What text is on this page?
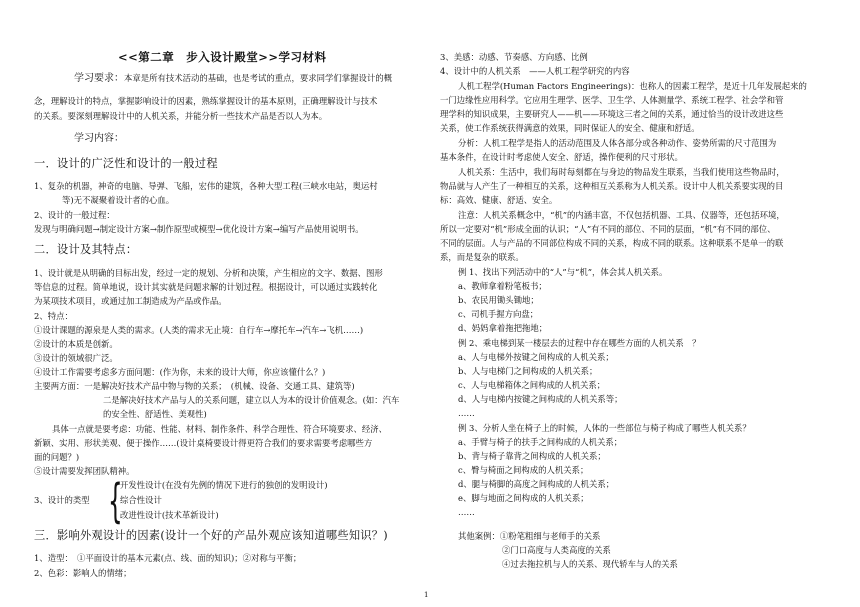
<<第二章　步入设计殿堂>>学习材料
学习要求：本章是所有技术活动的基础，也是考试的重点，要求同学们掌握设计的概
念，理解设计的特点，掌握影响设计的因素，熟练掌握设计的基本原则，正确理解设计与技术
的关系。要深刻理解设计中的人机关系，并能分析一些技术产品是否以人为本。
学习内容：
一．设计的广泛性和设计的一般过程
1、复杂的机器，神奇的电脑、导弹、飞船，宏伟的建筑，各种大型工程(三峡水电站，奥运村
等)无不凝聚着设计者的心血。
2、设计的一般过程：
发现与明确问题→制定设计方案→制作原型或模型→优化设计方案→编写产品使用说明书。
二．设计及其特点：
1、设计就是从明确的目标出发，经过一定的规划、分析和决策，产生相应的文字、数据、图形
等信息的过程。简单地说，设计其实就是问题求解的计划过程。根据设计，可以通过实践转化
为某项技术项目，或通过加工制造成为产品或作品。
2、特点：
①设计课题的源泉是人类的需求。(人类的需求无止境：自行车→摩托车→汽车→飞机……)
②设计的本质是创新。
③设计的领域很广泛。
④设计工作需要考虑多方面问题：(作为你，未来的设计大师，你应该懂什么？)
主要两方面：一是解决好技术产品中物与物的关系；　(机械、设备、交通工具、建筑等)
二是解决好技术产品与人的关系问题，建立以人为本的设计价值观念。(如：汽车
的安全性、舒适性、美观性)
具体一点就是要考虑：功能、性能、材料、制作条件、科学合理性、符合环境要求、经济、
新颖、实用、形状美观、便于操作……(设计桌椅要设计得更符合我们的要求需要考虑哪些方
面的问题？)
⑤设计需要发挥团队精神。
开发性设计(在没有先例的情况下进行的独创的发明设计)
3、设计的类型	综合性设计
改进性设计(技术革新设计)
三．影响外观设计的因素(设计一个好的产品外观应该知道哪些知识？)
1、造型：　①平面设计的基本元素(点、线、面的知识)；②对称与平衡；
2、色彩：影响人的情绪；
3、美感：动感、节奏感、方向感、比例
4、设计中的人机关系　——人机工程学研究的内容
人机工程学(Human Factors Engineerings)：也称人的因素工程学，是近十几年发展起来的
一门边缘性应用科学。它应用生理学、医学、卫生学、人体测量学、系统工程学、社会学和管
理学科的知识成果，主要研究人——机——环境这三者之间的关系，通过恰当的设计改进这些
关系，使工作系统获得满意的效果，同时保证人的安全、健康和舒适。
分析：人机工程学是指人的活动范围及人体各部分或各种动作、姿势所需的尺寸范围为
基本条件，在设计时考虑使人安全、舒适，操作便利的尺寸形状。
人机关系：生活中，我们每时每刻都在与身边的物品发生联系，当我们使用这些物品时，
物品就与人产生了一种相互的关系，这种相互关系称为人机关系。设计中人机关系要实现的目
标：高效、健康、舒适、安全。
注意：人机关系概念中，“机”的内涵丰富，不仅包括机器、工具、仪器等，还包括环境，
所以一定要对“机”形成全面的认识；“人”有不同的部位、不同的层面，“机”有不同的部位、
不同的层面。人与产品的不同部位构成不同的关系，构成不同的联系。这种联系不是单一的联
系，而是复杂的联系。
例 1、找出下列活动中的“人”与“机”，体会其人机关系。
a、教师拿着粉笔板书；
b、农民用锄头锄地；
c、司机手握方向盘；
d、妈妈拿着拖把拖地；
例 2、乘电梯到某一楼层去的过程中存在哪些方面的人机关系　？
a、人与电梯外按键之间构成的人机关系；
b、人与电梯门之间构成的人机关系；
c、人与电梯箱体之间构成的人机关系；
d、人与电梯内按键之间构成的人机关系等；
……
例 3、分析人坐在椅子上的时候，人体的一些部位与椅子构成了哪些人机关系？
a、手臂与椅子的扶手之间构成的人机关系；
b、背与椅子靠背之间构成的人机关系；
c、臀与椅面之间构成的人机关系；
d、腿与椅脚的高度之间构成的人机关系；
e、脚与地面之间构成的人机关系；
……
其他案例：①粉笔粗细与老师手的关系
②门口高度与人类高度的关系
④过去拖拉机与人的关系、现代轿车与人的关系
{
1
